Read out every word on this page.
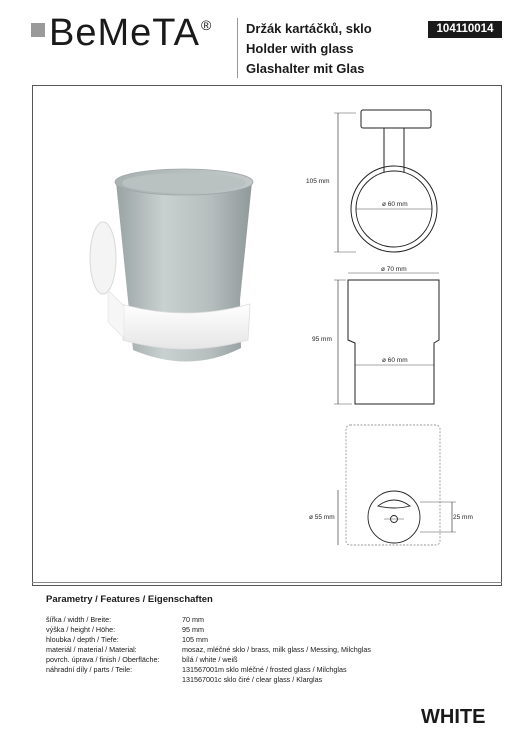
BeMeTA®	Držák kartáčků, sklo
Holder with glass
Glashalter mit Glas
104110014
105 mm
ø 60 mm
ø 70 mm
95 mm
ø 60 mm
ø 55 mm	25 mm
Parametry / Features / Eigenschaften
šířka / width / Breite:	70 mm
výška / height / Höhe:	95 mm
hloubka / depth / Tiefe:	105 mm
materiál / material / Material:	mosaz, mléčné sklo / brass, milk glass / Messing, Milchglas
povrch. úprava / finish / Oberfläche:	bílá / white / weiß
náhradní díly / parts / Teile:	131567001m sklo mléčné / frosted glass / Milchglas
131567001c sklo čiré / clear glass / Klarglas
WHITE
